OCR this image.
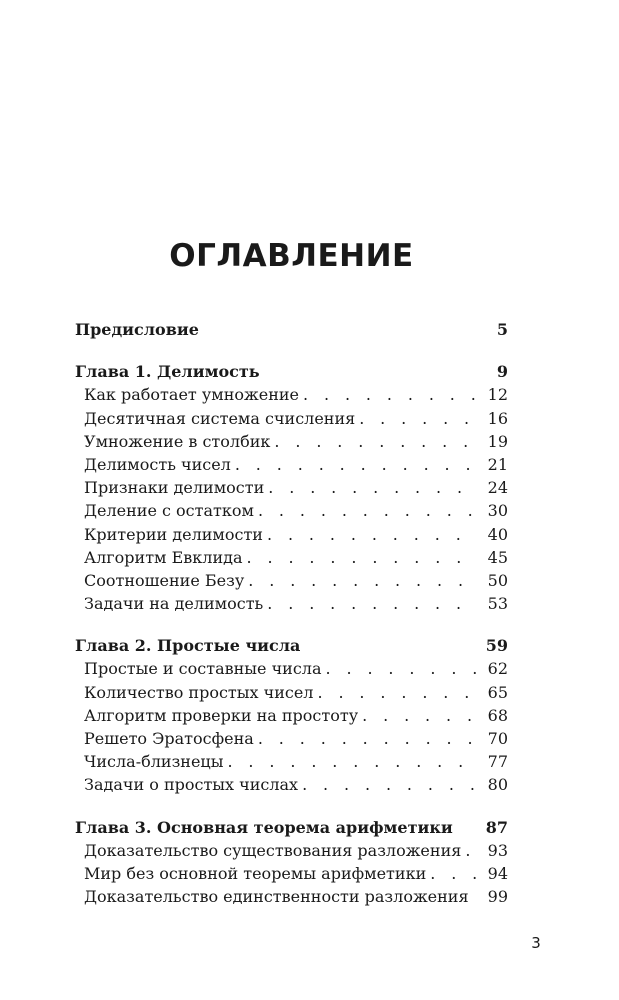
ОГЛАВЛЕНИЕ
Предисловие	5
Глава 1. Делимость	9
Как работает умножение . . .	12
Десятичная система счисления . . .	16
Умножение в столбик . . .	19
Делимость чисел . . .	21
Признаки делимости . . .	24
Деление с остатком . . .	30
Критерии делимости . . .	40
Алгоритм Евклида . . .	45
Соотношение Безу . . .	50
Задачи на делимость . . .	53
Глава 2. Простые числа	59
Простые и составные числа . . .	62
Количество простых чисел . . .	65
Алгоритм проверки на простоту . . .	68
Решето Эратосфена . . .	70
Числа-близнецы . . .	77
Задачи о простых числах . . .	80
Глава 3. Основная теорема арифметики 87
Доказательство существования разложения . . . 93
Мир без основной теоремы арифметики . . .	94
Доказательство единственности разложения 99
3
